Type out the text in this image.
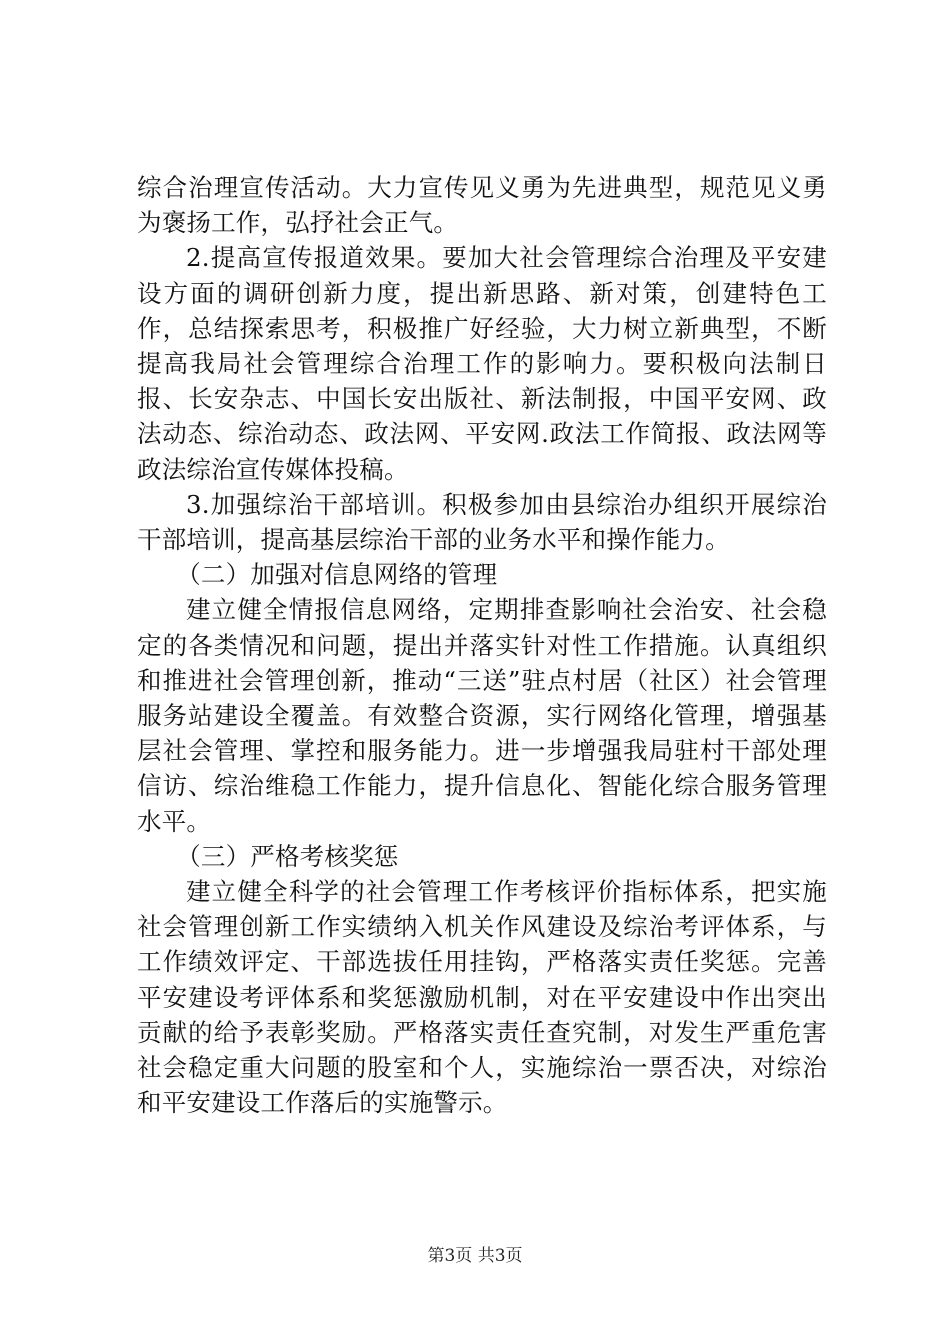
综合治理宣传活动。大力宣传见义勇为先进典型，规范见义勇为褒扬工作，弘抒社会正气。

2.提高宣传报道效果。要加大社会管理综合治理及平安建设方面的调研创新力度，提出新思路、新对策，创建特色工作，总结探索思考，积极推广好经验，大力树立新典型，不断提高我局社会管理综合治理工作的影响力。要积极向法制日报、长安杂志、中国长安出版社、新法制报，中国平安网、政法动态、综治动态、政法网、平安网.政法工作简报、政法网等政法综治宣传媒体投稿。

3.加强综治干部培训。积极参加由县综治办组织开展综治干部培训，提高基层综治干部的业务水平和操作能力。

（二）加强对信息网络的管理

建立健全情报信息网络，定期排查影响社会治安、社会稳定的各类情况和问题，提出并落实针对性工作措施。认真组织和推进社会管理创新，推动“三送”驻点村居（社区）社会管理服务站建设全覆盖。有效整合资源，实行网络化管理，增强基层社会管理、掌控和服务能力。进一步增强我局驻村干部处理信访、综治维稳工作能力，提升信息化、智能化综合服务管理水平。

（三）严格考核奖惩

建立健全科学的社会管理工作考核评价指标体系，把实施社会管理创新工作实绩纳入机关作风建设及综治考评体系，与工作绩效评定、干部选拔任用挂钩，严格落实责任奖惩。完善平安建设考评体系和奖惩激励机制，对在平安建设中作出突出贡献的给予表彰奖励。严格落实责任查究制，对发生严重危害社会稳定重大问题的股室和个人，实施综治一票否决，对综治和平安建设工作落后的实施警示。

第3页 共3页
